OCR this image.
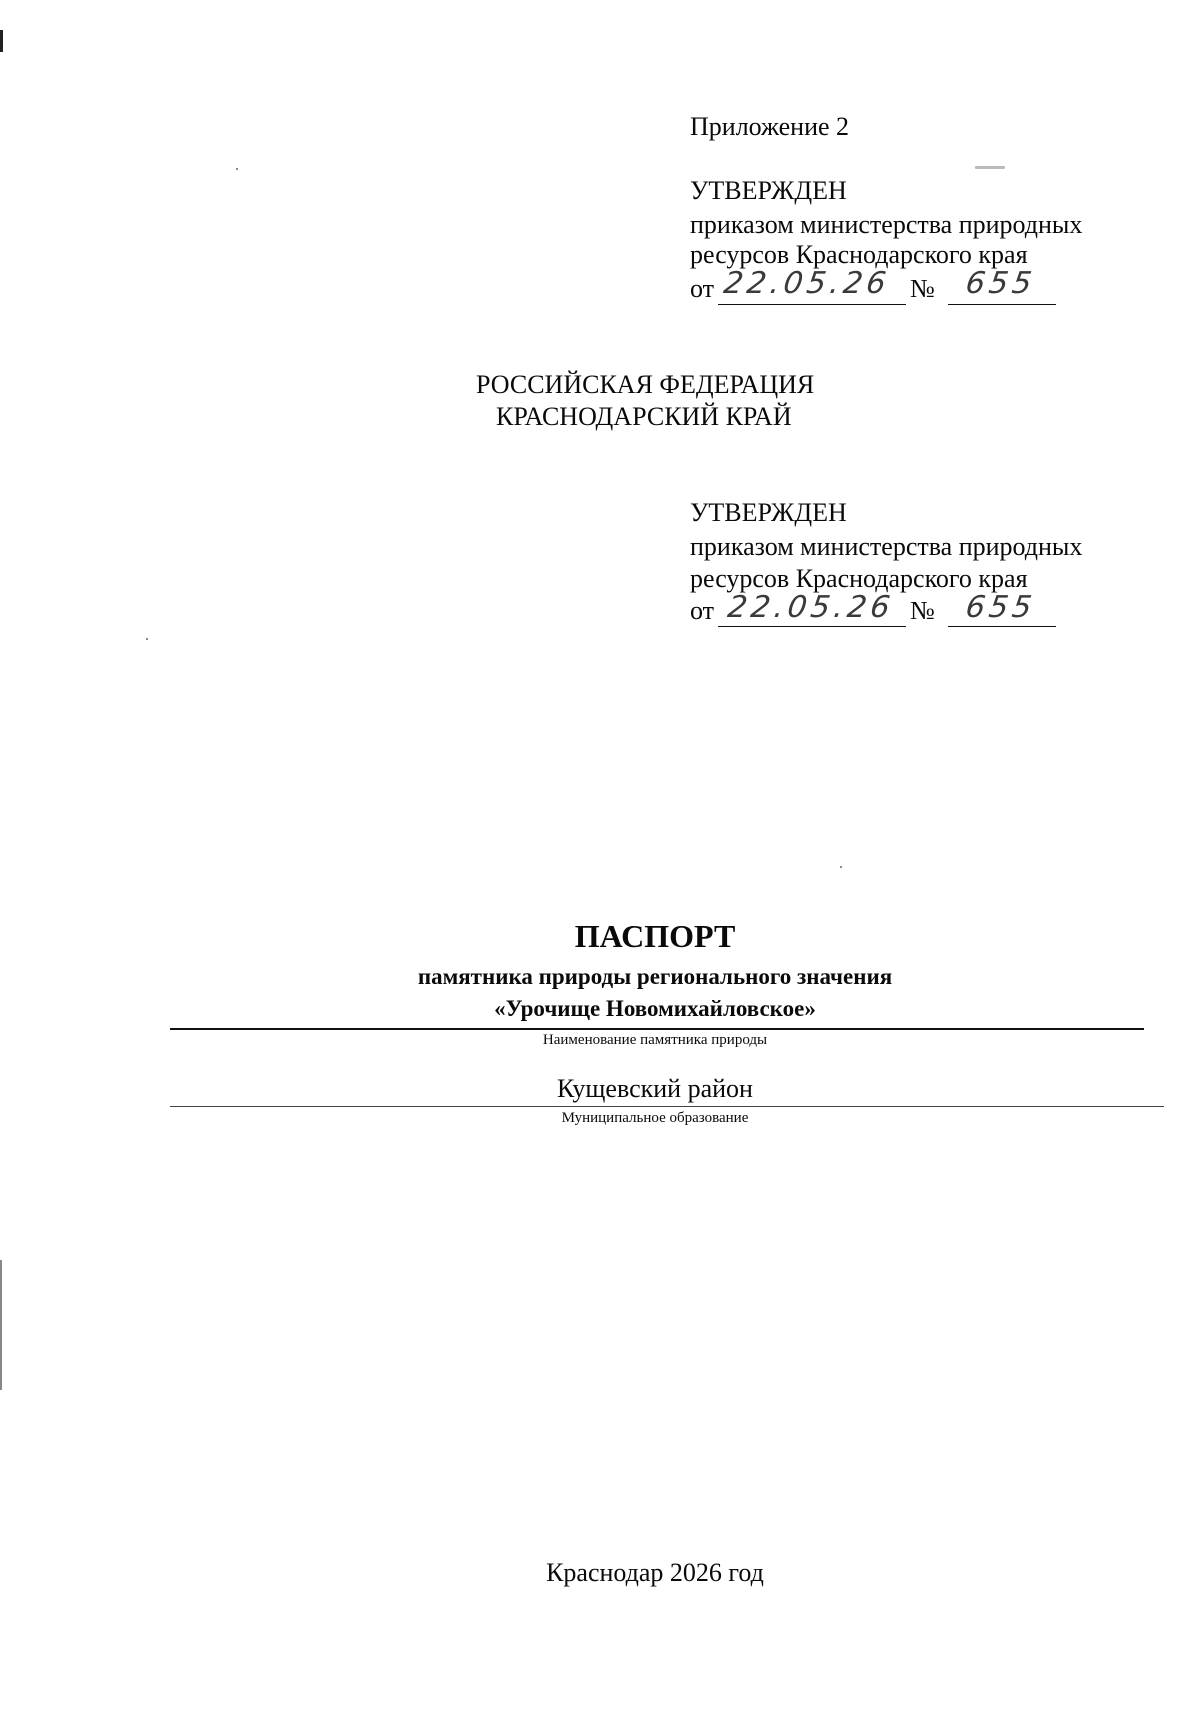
Приложение 2
УТВЕРЖДЕН
приказом министерства природных
ресурсов Краснодарского края
от 22.05.26 № 655
РОССИЙСКАЯ ФЕДЕРАЦИЯ
КРАСНОДАРСКИЙ КРАЙ
УТВЕРЖДЕН
приказом министерства природных
ресурсов Краснодарского края
от 22.05.26 № 655
ПАСПОРТ
памятника природы регионального значения
«Урочище Новомихайловское»
Наименование памятника природы
Кущевский район
Муниципальное образование
Краснодар 2026 год
